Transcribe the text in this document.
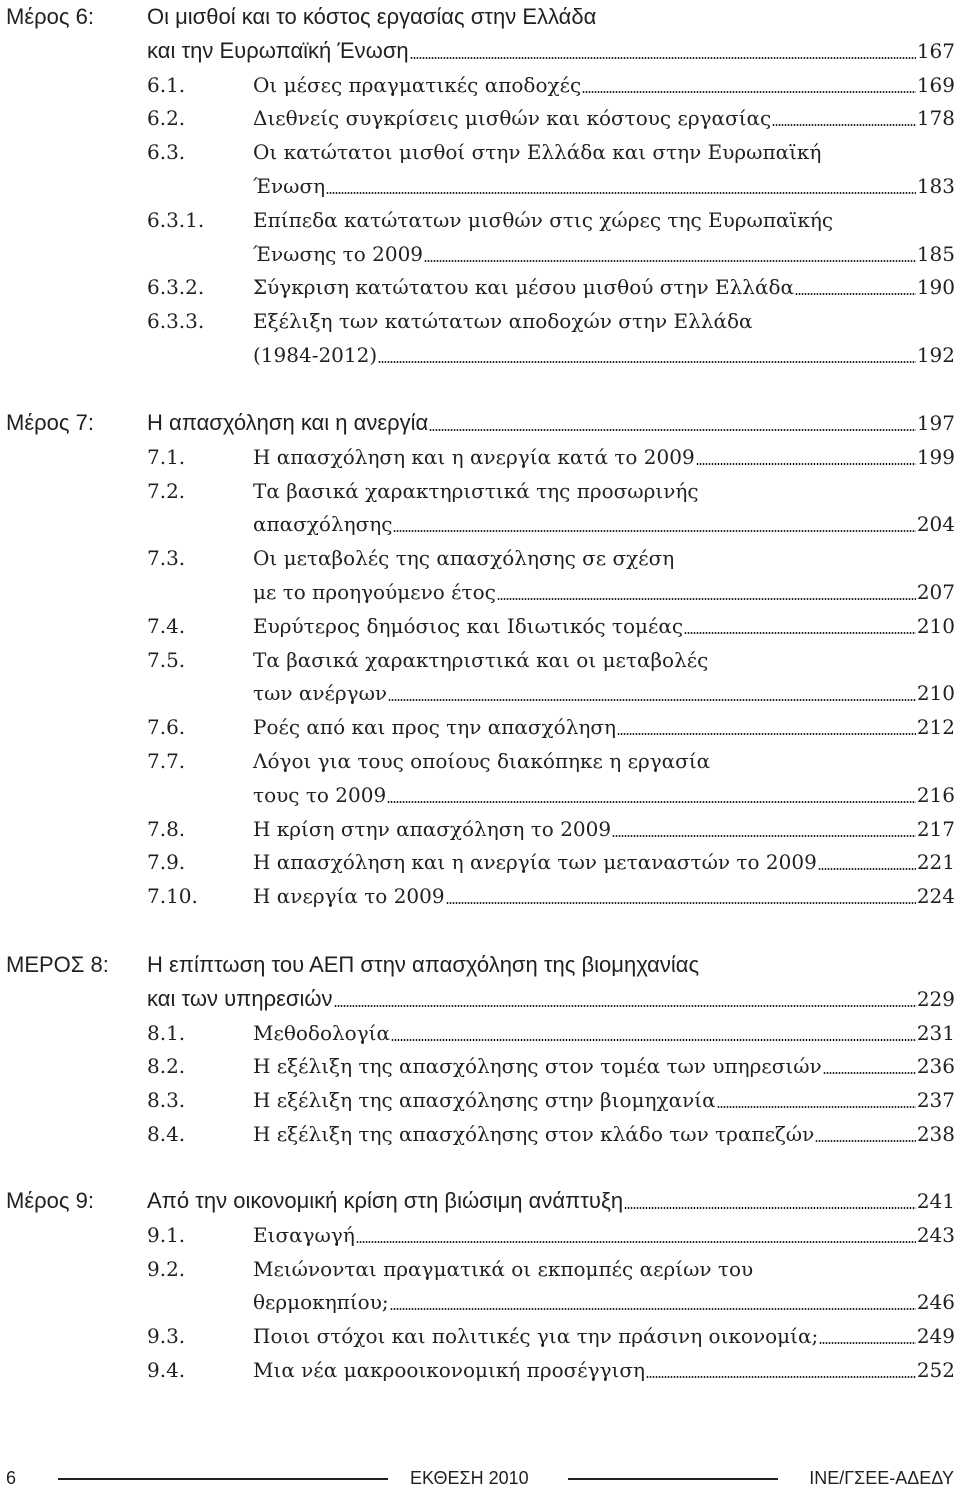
Μέρος 6: Οι μισθοί και το κόστος εργασίας στην Ελλάδα
και την Ευρωπαϊκή Ένωση	167
6.1.	Οι μέσες πραγματικές αποδοχές	169
6.2.	Διεθνείς συγκρίσεις μισθών και κόστους εργασίας	178
6.3.	Οι κατώτατοι μισθοί στην Ελλάδα και στην Ευρωπαϊκή
Ένωση	183
6.3.1. Επίπεδα κατώτατων μισθών στις χώρες της Ευρωπαϊκής
Ένωσης το 2009	185
6.3.2. Σύγκριση κατώτατου και μέσου μισθού στην Ελλάδα	190
6.3.3. Εξέλιξη των κατώτατων αποδοχών στην Ελλάδα
(1984-2012)	192
Μέρος 7: Η απασχόληση και η ανεργία	197
7.1.	Η απασχόληση και η ανεργία κατά το 2009	199
7.2.	Τα βασικά χαρακτηριστικά της προσωρινής
απασχόλησης	204
7.3.	Οι μεταβολές της απασχόλησης σε σχέση
με το προηγούμενο έτος	207
7.4.	Ευρύτερος δημόσιος και Ιδιωτικός τομέας	210
7.5.	Τα βασικά χαρακτηριστικά και οι μεταβολές
των ανέργων	210
7.6.	Ροές από και προς την απασχόληση	212
7.7.	Λόγοι για τους οποίους διακόπηκε η εργασία
τους το 2009	216
7.8.	Η κρίση στην απασχόληση το 2009	217
7.9.	Η απασχόληση και η ανεργία των μεταναστών το 2009	221
7.10.	Η ανεργία το 2009	224
ΜΕΡΟΣ 8: Η επίπτωση του ΑΕΠ στην απασχόληση της βιομηχανίας
και των υπηρεσιών	229
8.1.	Μεθοδολογία	231
8.2.	Η εξέλιξη της απασχόλησης στον τομέα των υπηρεσιών	236
8.3.	Η εξέλιξη της απασχόλησης στην βιομηχανία	237
8.4.	Η εξέλιξη της απασχόλησης στον κλάδο των τραπεζών	238
Μέρος 9: Από την οικονομική κρίση στη βιώσιμη ανάπτυξη	241
9.1.	Εισαγωγή	243
9.2.	Μειώνονται πραγματικά οι εκπομπές αερίων του
θερμοκηπίου;	246
9.3.	Ποιοι στόχοι και πολιτικές για την πράσινη οικονομία;	249
9.4.	Μια νέα μακροοικονομική προσέγγιση	252
6	ΕΚΘΕΣΗ 2010	ΙΝΕ/ΓΣΕΕ-ΑΔΕΔΥ
